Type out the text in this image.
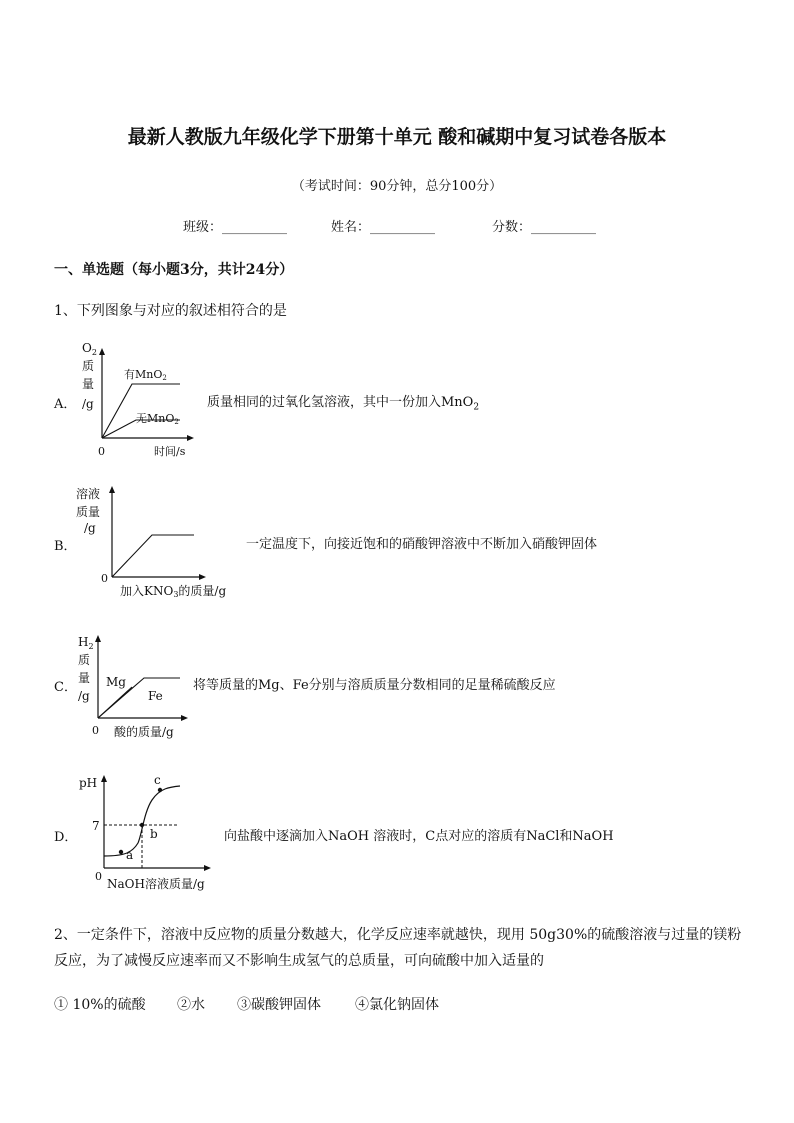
最新人教版九年级化学下册第十单元 酸和碱期中复习试卷各版本
（考试时间：90分钟，总分100分）
班级：__________	姓名：__________	分数：__________
一、单选题（每小题3分，共计24分）
1、下列图象与对应的叙述相符合的是
A．
$O_2$
质
量
/g
0	时间/s
有MnO2
无MnO2
质量相同的过氧化氢溶液，其中一份加入MnO$_2$
B．
溶液
质量
/g
0
加入KNO3的质量/g
一定温度下，向接近饱和的硝酸钾溶液中不断加入硝酸钾固体
C．
$H_2$
质
量
/g
0 酸的质量/g
Mg
Fe
将等质量的Mg、Fe分别与溶质质量分数相同的足量稀硫酸反应
D．
pH
7
0
NaOH溶液质量/g
a
b
c
向盐酸中逐滴加入NaOH 溶液时，C点对应的溶质有NaCl和NaOH
2、一定条件下，溶液中反应物的质量分数越大，化学反应速率就越快，现用 50g30%的硫酸溶液与过量的镁粉反应，为了减慢反应速率而又不影响生成氢气的总质量，可向硫酸中加入适量的
① 10%的硫酸 ②水 ③碳酸钾固体 ④氯化钠固体
